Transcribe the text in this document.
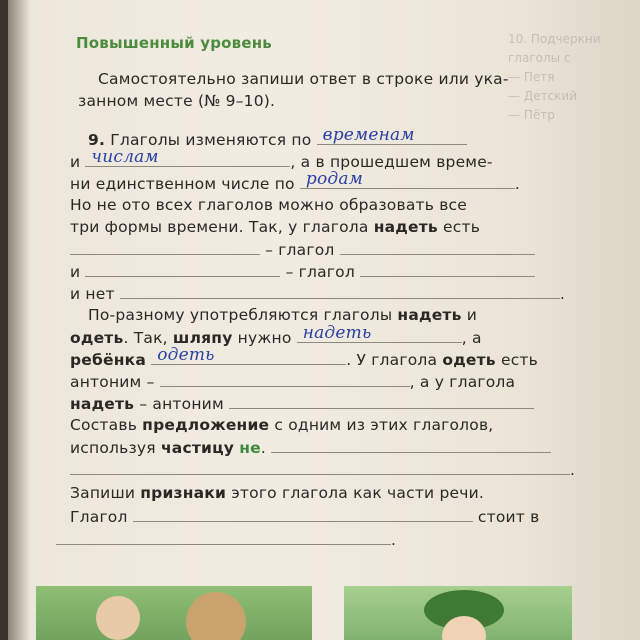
10. Подчеркни
глаголы с
— Петя
— Детский
— Пётр
Повышенный уровень
Самостоятельно запиши ответ в строке или ука-
занном месте (№ 9–10).
9. Глаголы изменяются по временам
и числам	, а в прошедшем време-
ни единственном числе по родам	.
Но не ото всех глаголов можно образовать все
три формы времени. Так, у глагола надеть есть
– глагол
и	– глагол
и нет	.
По-разному употребляются глаголы надеть и
одеть. Так, шляпу нужно надеть	, а
ребёнка одеть	. У глагола одеть есть
антоним –	, а у глагола
надеть – антоним
Составь предложение с одним из этих глаголов,
используя частицу не.
.
Запиши признаки этого глагола как части речи.
Глагол	стоит в
.
